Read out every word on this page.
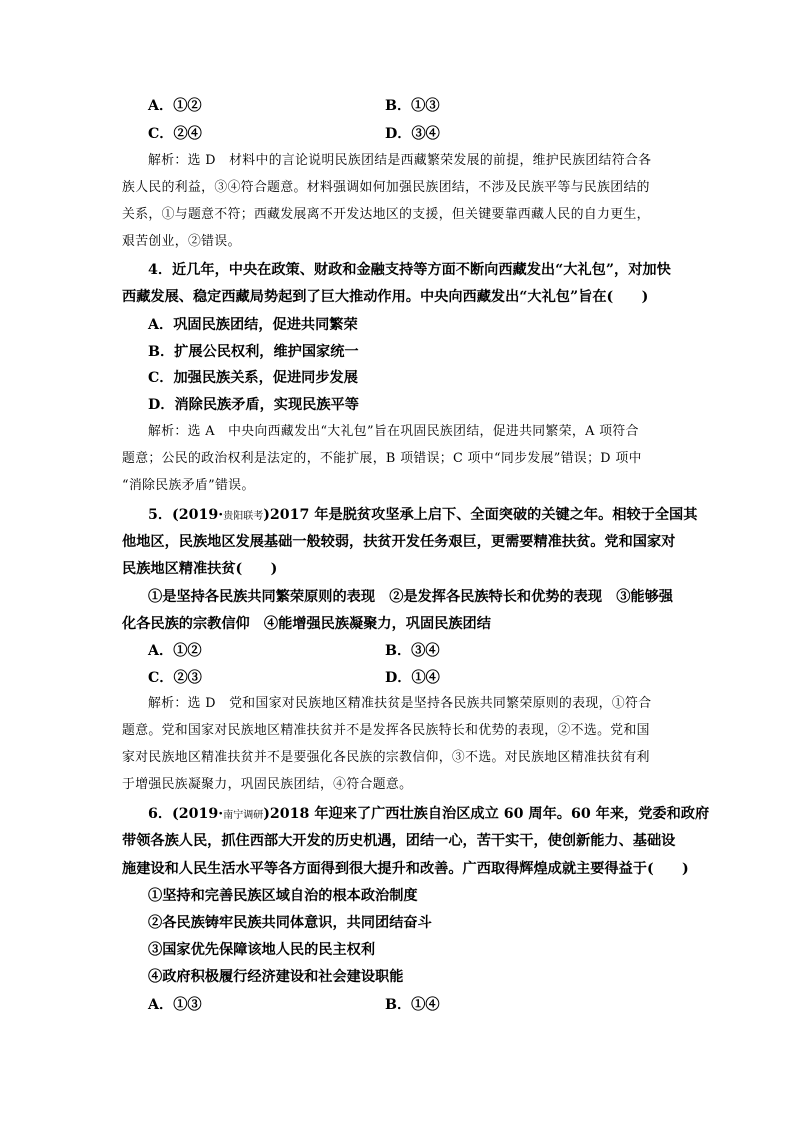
A．①②	B．①③
C．②④	D．③④
解析：选 D　材料中的言论说明民族团结是西藏繁荣发展的前提，维护民族团结符合各
族人民的利益，③④符合题意。材料强调如何加强民族团结，不涉及民族平等与民族团结的
关系，①与题意不符；西藏发展离不开发达地区的支援，但关键要靠西藏人民的自力更生，
艰苦创业，②错误。
4．近几年，中央在政策、财政和金融支持等方面不断向西藏发出“大礼包”，对加快
西藏发展、稳定西藏局势起到了巨大推动作用。中央向西藏发出“大礼包”旨在(　　)
A．巩固民族团结，促进共同繁荣
B．扩展公民权利，维护国家统一
C．加强民族关系，促进同步发展
D．消除民族矛盾，实现民族平等
解析：选 A　中央向西藏发出“大礼包”旨在巩固民族团结，促进共同繁荣，A 项符合
题意；公民的政治权利是法定的，不能扩展，B 项错误；C 项中“同步发展”错误；D 项中
“消除民族矛盾”错误。
5．(2019·贵阳联考)2017 年是脱贫攻坚承上启下、全面突破的关键之年。相较于全国其
他地区，民族地区发展基础一般较弱，扶贫开发任务艰巨，更需要精准扶贫。党和国家对
民族地区精准扶贫(　　)
①是坚持各民族共同繁荣原则的表现　②是发挥各民族特长和优势的表现　③能够强
化各民族的宗教信仰　④能增强民族凝聚力，巩固民族团结
A．①②	B．③④
C．②③	D．①④
解析：选 D　党和国家对民族地区精准扶贫是坚持各民族共同繁荣原则的表现，①符合
题意。党和国家对民族地区精准扶贫并不是发挥各民族特长和优势的表现，②不选。党和国
家对民族地区精准扶贫并不是要强化各民族的宗教信仰，③不选。对民族地区精准扶贫有利
于增强民族凝聚力，巩固民族团结，④符合题意。
6．(2019·南宁调研)2018 年迎来了广西壮族自治区成立 60 周年。60 年来，党委和政府
带领各族人民，抓住西部大开发的历史机遇，团结一心，苦干实干，使创新能力、基础设
施建设和人民生活水平等各方面得到很大提升和改善。广西取得辉煌成就主要得益于(　　)
①坚持和完善民族区域自治的根本政治制度
②各民族铸牢民族共同体意识，共同团结奋斗
③国家优先保障该地人民的民主权利
④政府积极履行经济建设和社会建设职能
A．①③	B．①④
